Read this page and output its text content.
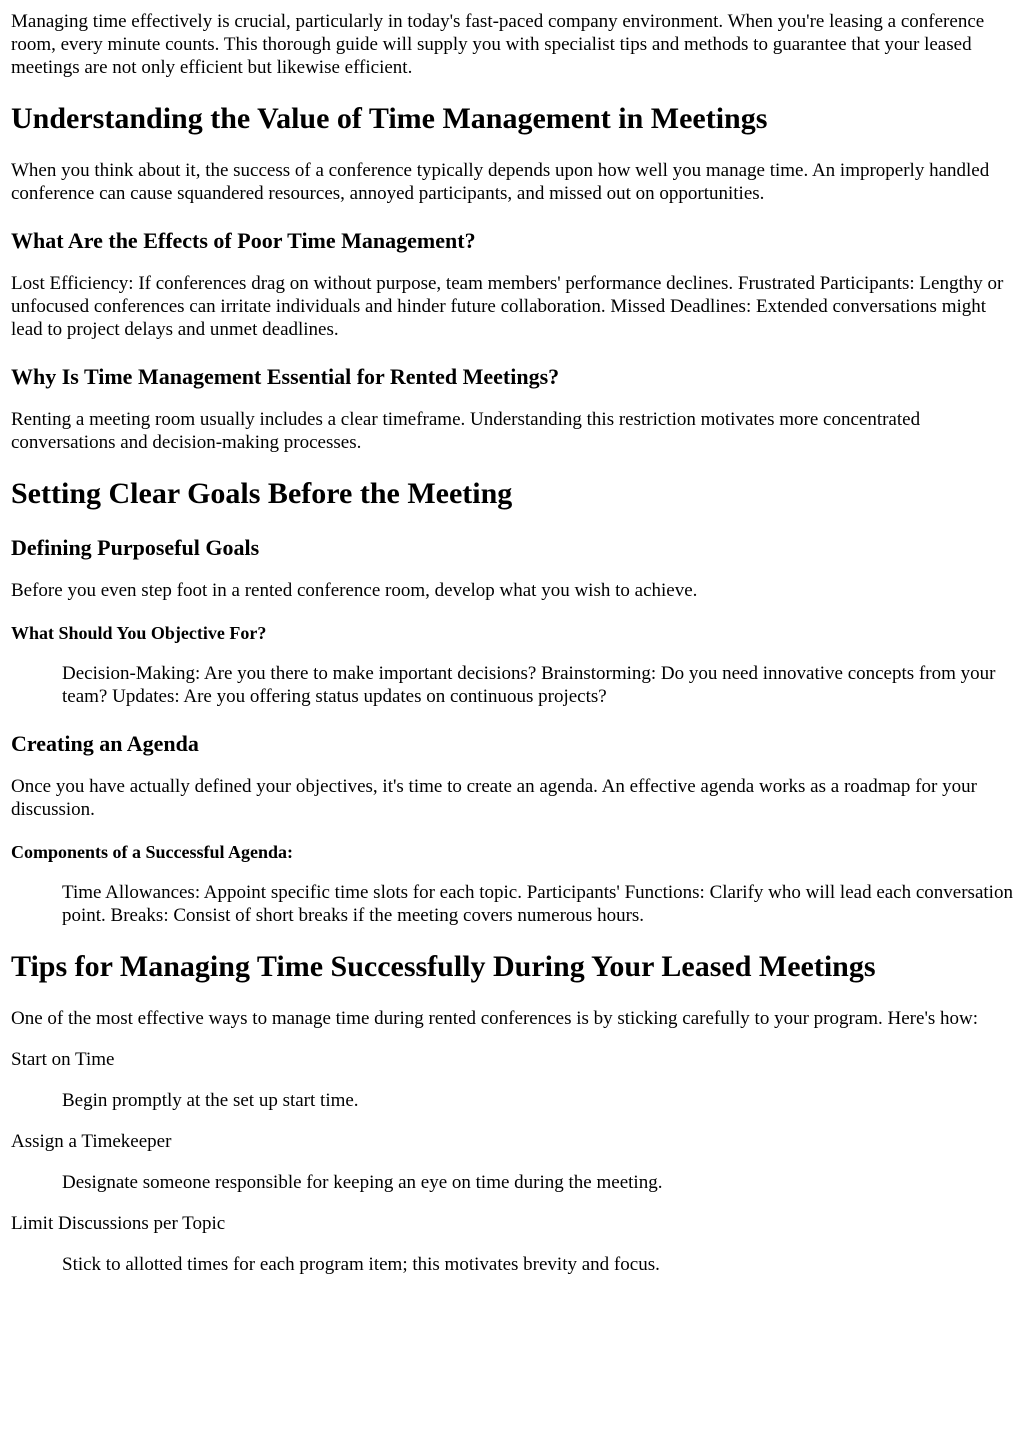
Managing time effectively is crucial, particularly in today's fast-paced company environment. When you're leasing a conference room, every minute counts. This thorough guide will supply you with specialist tips and methods to guarantee that your leased meetings are not only efficient but likewise efficient.

Understanding the Value of Time Management in Meetings

When you think about it, the success of a conference typically depends upon how well you manage time. An improperly handled conference can cause squandered resources, annoyed participants, and missed out on opportunities.

What Are the Effects of Poor Time Management?

Lost Efficiency: If conferences drag on without purpose, team members' performance declines. Frustrated Participants: Lengthy or unfocused conferences can irritate individuals and hinder future collaboration. Missed Deadlines: Extended conversations might lead to project delays and unmet deadlines.

Why Is Time Management Essential for Rented Meetings?

Renting a meeting room usually includes a clear timeframe. Understanding this restriction motivates more concentrated conversations and decision-making processes.

Setting Clear Goals Before the Meeting
Defining Purposeful Goals

Before you even step foot in a rented conference room, develop what you wish to achieve.

What Should You Objective For?
Decision-Making: Are you there to make important decisions? Brainstorming: Do you need innovative concepts from your team? Updates: Are you offering status updates on continuous projects?
Creating an Agenda

Once you have actually defined your objectives, it's time to create an agenda. An effective agenda works as a roadmap for your discussion.

Components of a Successful Agenda:
Time Allowances: Appoint specific time slots for each topic. Participants' Functions: Clarify who will lead each conversation point. Breaks: Consist of short breaks if the meeting covers numerous hours.
Tips for Managing Time Successfully During Your Leased Meetings

One of the most effective ways to manage time during rented conferences is by sticking carefully to your program. Here's how:

Start on Time
Begin promptly at the set up start time.
Assign a Timekeeper
Designate someone responsible for keeping an eye on time during the meeting.
Limit Discussions per Topic
Stick to allotted times for each program item; this motivates brevity and focus.
